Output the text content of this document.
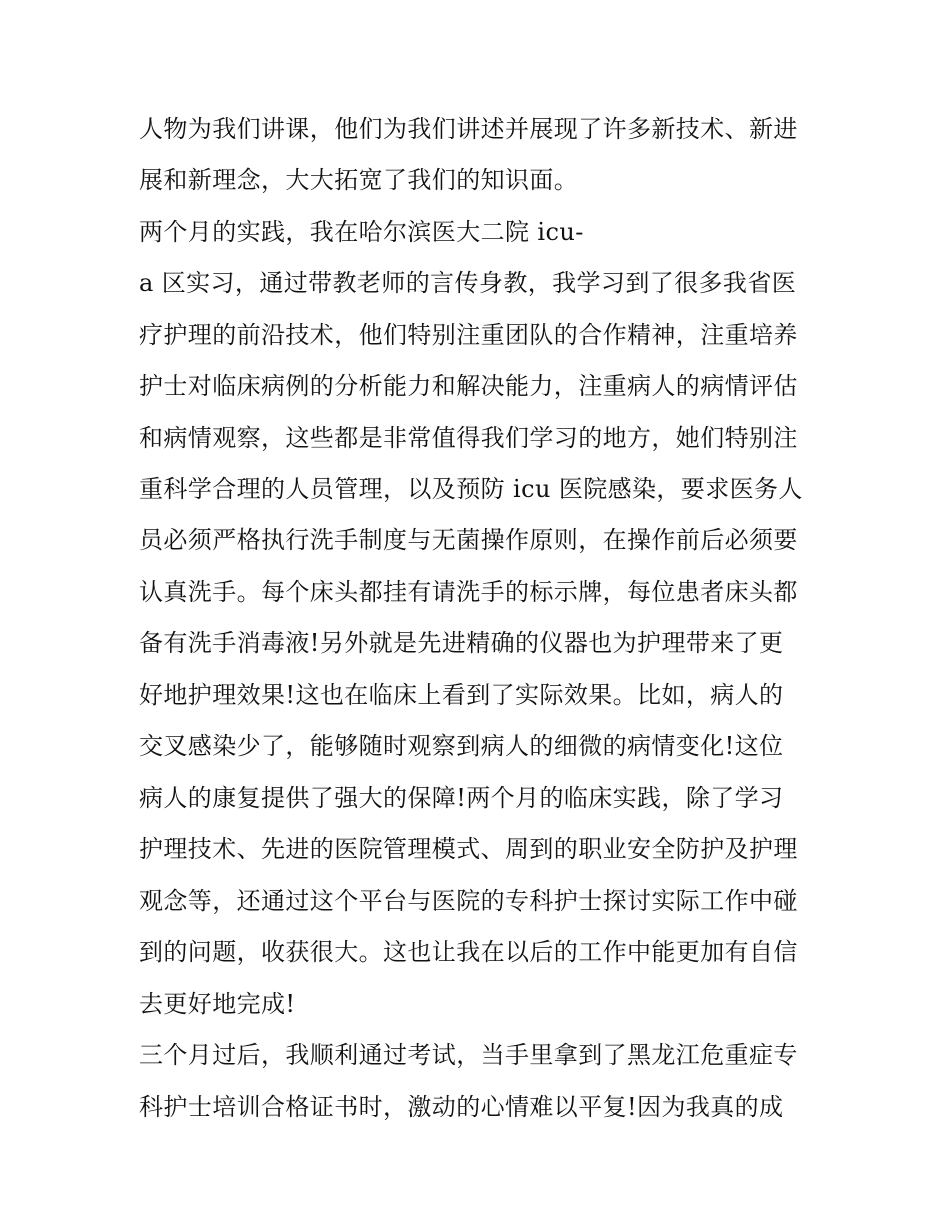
人物为我们讲课，他们为我们讲述并展现了许多新技术、新进
展和新理念，大大拓宽了我们的知识面。
两个月的实践，我在哈尔滨医大二院 icu-
a 区实习，通过带教老师的言传身教，我学习到了很多我省医
疗护理的前沿技术，他们特别注重团队的合作精神，注重培养
护士对临床病例的分析能力和解决能力，注重病人的病情评估
和病情观察，这些都是非常值得我们学习的地方，她们特别注
重科学合理的人员管理，以及预防 icu 医院感染，要求医务人
员必须严格执行洗手制度与无菌操作原则，在操作前后必须要
认真洗手。每个床头都挂有请洗手的标示牌，每位患者床头都
备有洗手消毒液!另外就是先进精确的仪器也为护理带来了更
好地护理效果!这也在临床上看到了实际效果。比如，病人的
交叉感染少了，能够随时观察到病人的细微的病情变化!这位
病人的康复提供了强大的保障!两个月的临床实践，除了学习
护理技术、先进的医院管理模式、周到的职业安全防护及护理
观念等，还通过这个平台与医院的专科护士探讨实际工作中碰
到的问题，收获很大。这也让我在以后的工作中能更加有自信
去更好地完成!
三个月过后，我顺利通过考试，当手里拿到了黑龙江危重症专
科护士培训合格证书时，激动的心情难以平复!因为我真的成
